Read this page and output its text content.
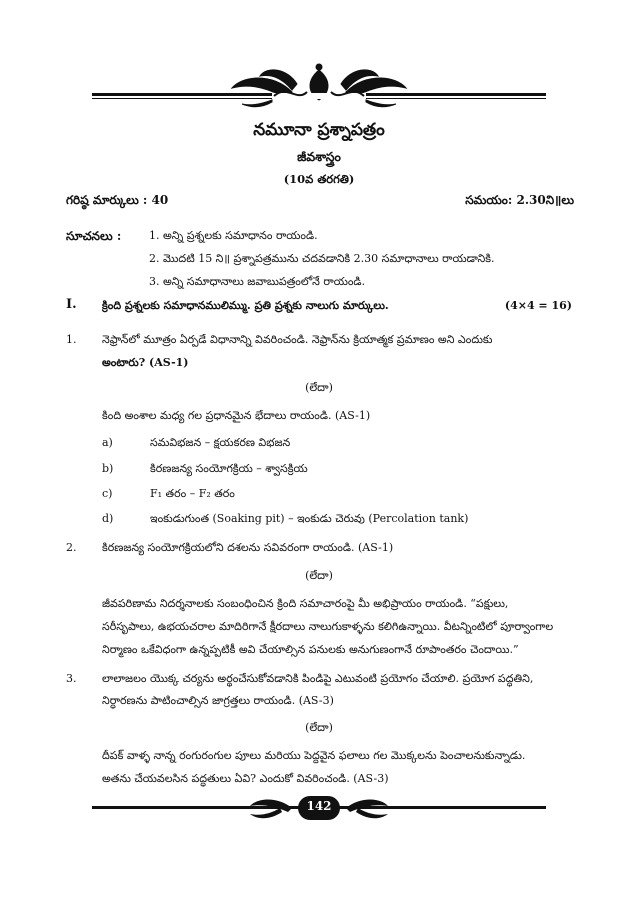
నమూనా ప్రశ్నాపత్రం
జీవశాస్త్రం
(10వ తరగతి)
గరిష్ఠ మార్కులు : 40	సమయం: 2.30ని॥లు
సూచనలు :	1. అన్ని ప్రశ్నలకు సమాధానం రాయండి.
2. మొదటి 15 ని॥ ప్రశ్నాపత్రమును చదవడానికి 2.30 సమాధానాలు రాయడానికి.
3. అన్ని సమాధానాలు జవాబుపత్రంలోనే రాయండి.
I. క్రింది ప్రశ్నలకు సమాధానములిమ్ము. ప్రతి ప్రశ్నకు నాలుగు మార్కులు.	(4×4 = 16)
1. నెఫ్రాన్‌లో మూత్రం ఏర్పడే విధానాన్ని వివరించండి. నెఫ్రాన్‌ను క్రియాత్మక ప్రమాణం అని ఎందుకు
అంటారు? (AS-1)
(లేదా)
కింది అంశాల మధ్య గల ప్రధానమైన భేదాలు రాయండి. (AS-1)
a)	సమవిభజన – క్షయకరణ విభజన
b)	కిరణజన్య సంయోగక్రియ – శ్వాసక్రియ
c)	F₁ తరం – F₂ తరం
d)	ఇంకుడుగుంత (Soaking pit) – ఇంకుడు చెరువు (Percolation tank)
2. కిరణజన్య సంయోగక్రియలోని దశలను సవివరంగా రాయండి. (AS-1)
(లేదా)
జీవపరిణామ నిదర్శనాలకు సంబంధించిన క్రింది సమాచారంపై మీ అభిప్రాయం రాయండి. “పక్షులు,
సరీసృపాలు, ఉభయచరాల మాదిరిగానే క్షీరదాలు నాలుగుకాళ్ళను కలిగిఉన్నాయి. వీటన్నింటిలో పూర్వాంగాల
నిర్మాణం ఒకేవిధంగా ఉన్నప్పటికీ అవి చేయాల్సిన పనులకు అనుగుణంగానే రూపాంతరం చెందాయి.”
3. లాలాజలం యొక్క చర్యను అర్థంచేసుకోవడానికి పిండిపై ఎటువంటి ప్రయోగం చేయాలి. ప్రయోగ పద్ధతిని,
నిర్ధారణను పాటించాల్సిన జాగ్రత్తలు రాయండి. (AS-3)
(లేదా)
దీపక్ వాళ్ళ నాన్న రంగురంగుల పూలు మరియు పెద్దవైన ఫలాలు గల మొక్కలను పెంచాలనుకున్నాడు.
అతను చేయవలసిన పద్ధతులు ఏవి? ఎందుకో వివరించండి. (AS-3)
142
